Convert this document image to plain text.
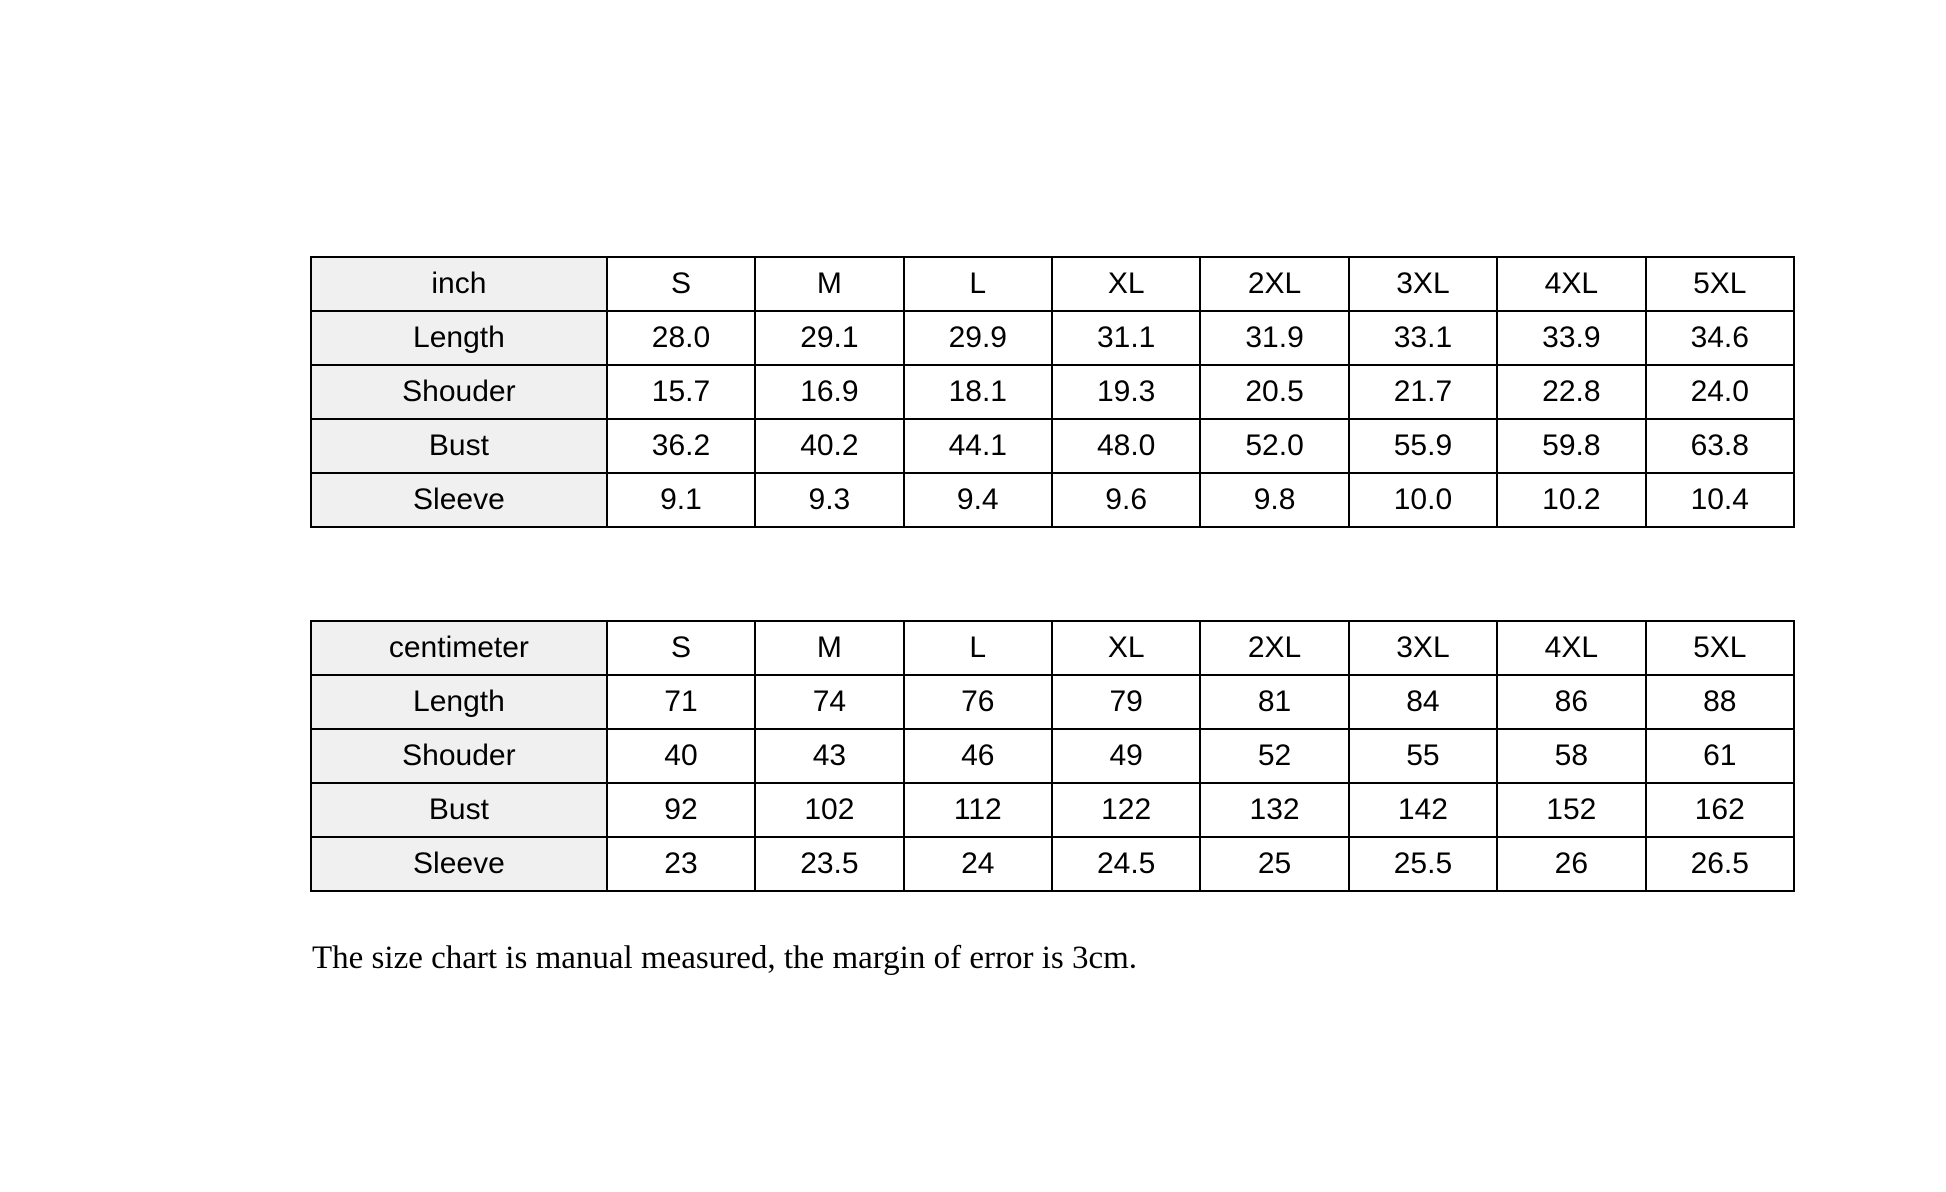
inch	S	M	L	XL	2XL	3XL	4XL	5XL
Length	28.0	29.1	29.9	31.1	31.9	33.1	33.9	34.6
Shouder	15.7	16.9	18.1	19.3	20.5	21.7	22.8	24.0
Bust	36.2	40.2	44.1	48.0	52.0	55.9	59.8	63.8
Sleeve	9.1	9.3	9.4	9.6	9.8	10.0	10.2	10.4
centimeter	S	M	L	XL	2XL	3XL	4XL	5XL
Length	71	74	76	79	81	84	86	88
Shouder	40	43	46	49	52	55	58	61
Bust	92	102	112	122	132	142	152	162
Sleeve	23	23.5	24	24.5	25	25.5	26	26.5
The size chart is manual measured, the margin of error is 3cm.
